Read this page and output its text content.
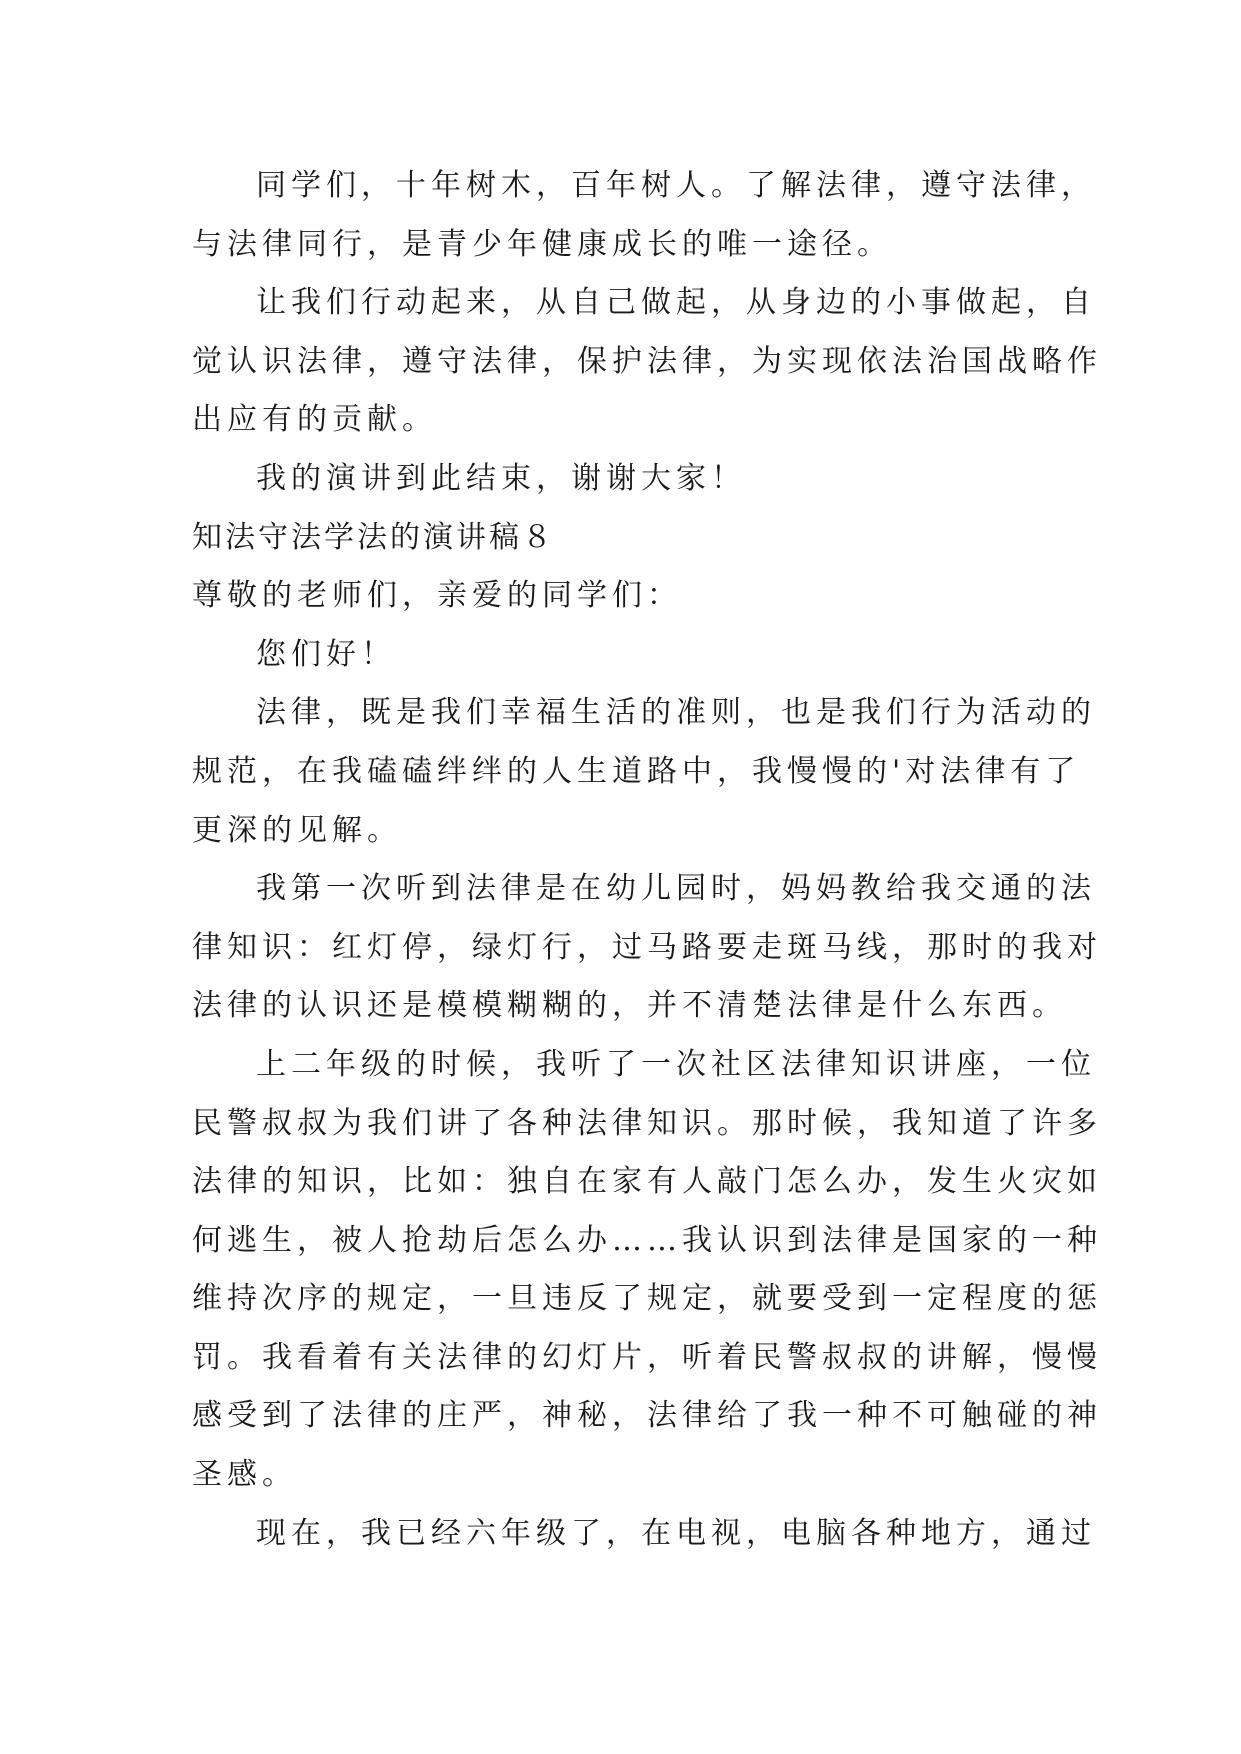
同学们，十年树木，百年树人。了解法律，遵守法律，
与法律同行，是青少年健康成长的唯一途径。
让我们行动起来，从自己做起，从身边的小事做起，自
觉认识法律，遵守法律，保护法律，为实现依法治国战略作
出应有的贡献。
我的演讲到此结束，谢谢大家！
知法守法学法的演讲稿８
尊敬的老师们，亲爱的同学们：
您们好！
法律，既是我们幸福生活的准则，也是我们行为活动的
规范，在我磕磕绊绊的人生道路中，我慢慢的'对法律有了
更深的见解。
我第一次听到法律是在幼儿园时，妈妈教给我交通的法
律知识：红灯停，绿灯行，过马路要走斑马线，那时的我对
法律的认识还是模模糊糊的，并不清楚法律是什么东西。
上二年级的时候，我听了一次社区法律知识讲座，一位
民警叔叔为我们讲了各种法律知识。那时候，我知道了许多
法律的知识，比如：独自在家有人敲门怎么办，发生火灾如
何逃生，被人抢劫后怎么办……我认识到法律是国家的一种
维持次序的规定，一旦违反了规定，就要受到一定程度的惩
罚。我看着有关法律的幻灯片，听着民警叔叔的讲解，慢慢
感受到了法律的庄严，神秘，法律给了我一种不可触碰的神
圣感。
现在，我已经六年级了，在电视，电脑各种地方，通过
